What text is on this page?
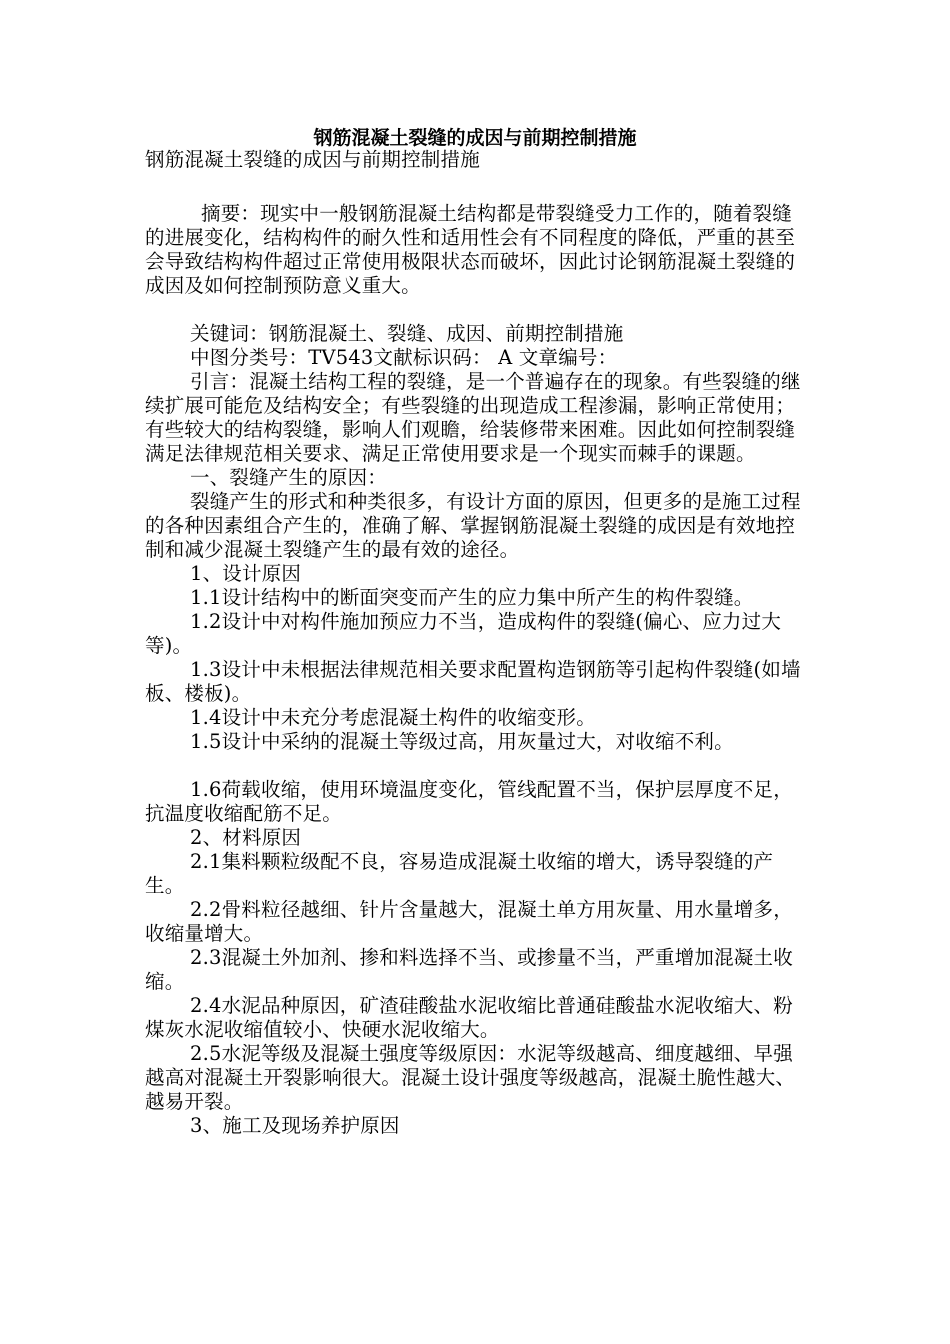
钢筋混凝土裂缝的成因与前期控制措施

钢筋混凝土裂缝的成因与前期控制措施

摘要：现实中一般钢筋混凝土结构都是带裂缝受力工作的，随着裂缝的进展变化，结构构件的耐久性和适用性会有不同程度的降低，严重的甚至会导致结构构件超过正常使用极限状态而破坏，因此讨论钢筋混凝土裂缝的成因及如何控制预防意义重大。

关键词：钢筋混凝土、裂缝、成因、前期控制措施

中图分类号：TV543文献标识码： A 文章编号：

引言：混凝土结构工程的裂缝，是一个普遍存在的现象。有些裂缝的继续扩展可能危及结构安全；有些裂缝的出现造成工程渗漏，影响正常使用；有些较大的结构裂缝，影响人们观瞻，给装修带来困难。因此如何控制裂缝满足法律规范相关要求、满足正常使用要求是一个现实而棘手的课题。

一、裂缝产生的原因：

裂缝产生的形式和种类很多，有设计方面的原因，但更多的是施工过程的各种因素组合产生的，准确了解、掌握钢筋混凝土裂缝的成因是有效地控制和减少混凝土裂缝产生的最有效的途径。

1、设计原因

1.1设计结构中的断面突变而产生的应力集中所产生的构件裂缝。

1.2设计中对构件施加预应力不当，造成构件的裂缝(偏心、应力过大等)。

1.3设计中未根据法律规范相关要求配置构造钢筋等引起构件裂缝(如墙板、楼板)。

1.4设计中未充分考虑混凝土构件的收缩变形。

1.5设计中采纳的混凝土等级过高，用灰量过大，对收缩不利。

1.6荷载收缩，使用环境温度变化，管线配置不当，保护层厚度不足，抗温度收缩配筋不足。

2、材料原因

2.1集料颗粒级配不良，容易造成混凝土收缩的增大，诱导裂缝的产生。

2.2骨料粒径越细、针片含量越大，混凝土单方用灰量、用水量增多，收缩量增大。

2.3混凝土外加剂、掺和料选择不当、或掺量不当，严重增加混凝土收缩。

2.4水泥品种原因，矿渣硅酸盐水泥收缩比普通硅酸盐水泥收缩大、粉煤灰水泥收缩值较小、快硬水泥收缩大。

2.5水泥等级及混凝土强度等级原因：水泥等级越高、细度越细、早强越高对混凝土开裂影响很大。混凝土设计强度等级越高，混凝土脆性越大、越易开裂。

3、施工及现场养护原因
